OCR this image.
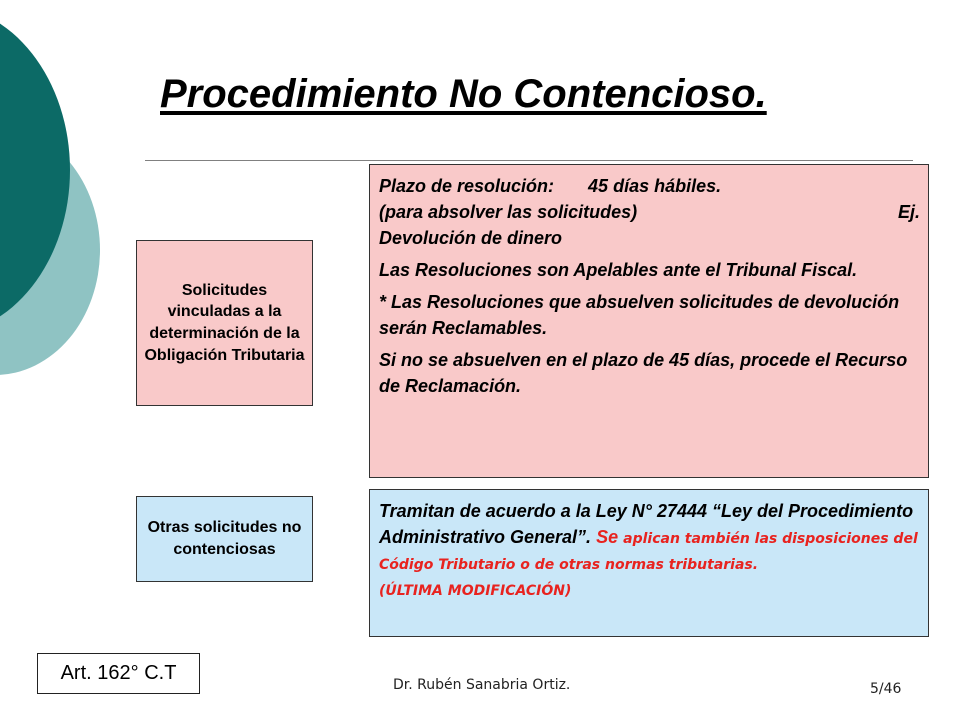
Procedimiento No Contencioso.
Solicitudes vinculadas a la determinación de la Obligación Tributaria
Plazo de resolución: 45 días hábiles.
(para absolver las solicitudes)	Ej.

Devolución de dinero

Las Resoluciones son Apelables ante el Tribunal Fiscal.

* Las Resoluciones que absuelven solicitudes de devolución serán Reclamables.

Si no se absuelven en el plazo de 45 días, procede el Recurso de Reclamación.

Otras solicitudes no contenciosas
Tramitan de acuerdo a la Ley N° 27444 “Ley del Procedimiento Administrativo General”. Se aplican también las disposiciones del Código Tributario o de otras normas tributarias.
(ÚLTIMA MODIFICACIÓN)
Art. 162° C.T
Dr. Rubén Sanabria Ortiz.	5/46
